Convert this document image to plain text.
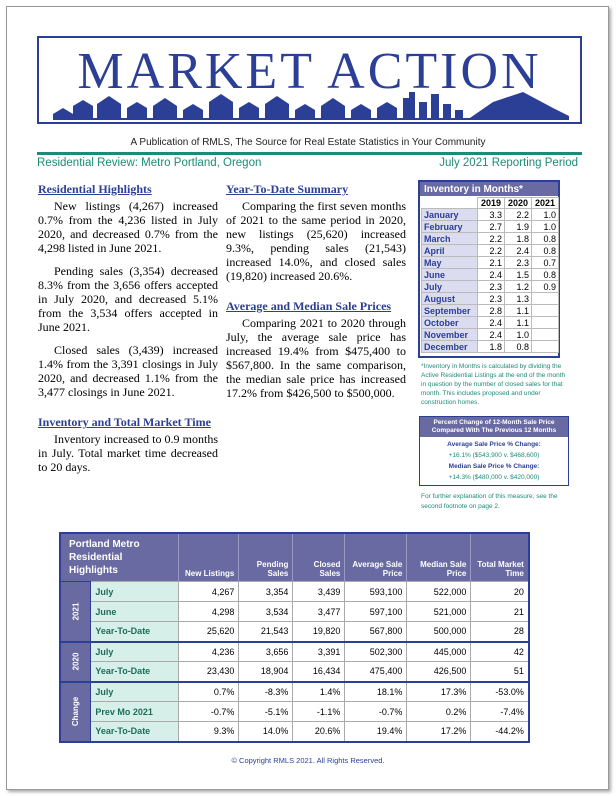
MARKET ACTION
A Publication of RMLS, The Source for Real Estate Statistics in Your Community
Residential Review: Metro Portland, Oregon	July 2021 Reporting Period
Residential Highlights

New listings (4,267) increased 0.7% from the 4,236 listed in July 2020, and decreased 0.7% from the 4,298 listed in June 2021.

Pending sales (3,354) decreased 8.3% from the 3,656 offers accepted in July 2020, and decreased 5.1% from the 3,534 offers accepted in June 2021.

Closed sales (3,439) increased 1.4% from the 3,391 closings in July 2020, and decreased 1.1% from the 3,477 closings in June 2021.

Inventory and Total Market Time

Inventory increased to 0.9 months in July. Total market time decreased to 20 days.

Year-To-Date Summary

Comparing the first seven months of 2021 to the same period in 2020, new listings (25,620) increased 9.3%, pending sales (21,543) increased 14.0%, and closed sales (19,820) increased 20.6%.

Average and Median Sale Prices

Comparing 2021 to 2020 through July, the average sale price has increased 19.4% from $475,400 to $567,800. In the same comparison, the median sale price has increased 17.2% from $426,500 to $500,000.

Inventory in Months*
	2019	2020	2021
January	3.3	2.2	1.0
February	2.7	1.9	1.0
March	2.2	1.8	0.8
April	2.2	2.4	0.8
May	2.1	2.3	0.7
June	2.4	1.5	0.8
July	2.3	1.2	0.9
August	2.3	1.3	
September	2.8	1.1	
October	2.4	1.1	
November	2.4	1.0	
December	1.8	0.8	
*Inventory in Months is calculated by dividing the Active Residential Listings at the end of the month in question by the number of closed sales for that month. This includes proposed and under construction homes.
Percent Change of 12-Month Sale Price Compared With The Previous 12 Months
Average Sale Price % Change:
+16.1% ($543,900 v. $468,600)
Median Sale Price % Change:
+14.3% ($480,000 v. $420,000)
For further explanation of this measure, see the second footnote on page 2.
Portland Metro
Residential
Highlights		New Listings	Pending Sales	Closed Sales	Average Sale Price	Median Sale Price	Total Market Time
2021	July	4,267	3,354	3,439	593,100	522,000	20
	June	4,298	3,534	3,477	597,100	521,000	21
	Year-To-Date	25,620	21,543	19,820	567,800	500,000	28
2020	July	4,236	3,656	3,391	502,300	445,000	42
	Year-To-Date	23,430	18,904	16,434	475,400	426,500	51
Change	July	0.7%	-8.3%	1.4%	18.1%	17.3%	-53.0%
	Prev Mo 2021	-0.7%	-5.1%	-1.1%	-0.7%	0.2%	-7.4%
	Year-To-Date	9.3%	14.0%	20.6%	19.4%	17.2%	-44.2%
© Copyright RMLS 2021. All Rights Reserved.
